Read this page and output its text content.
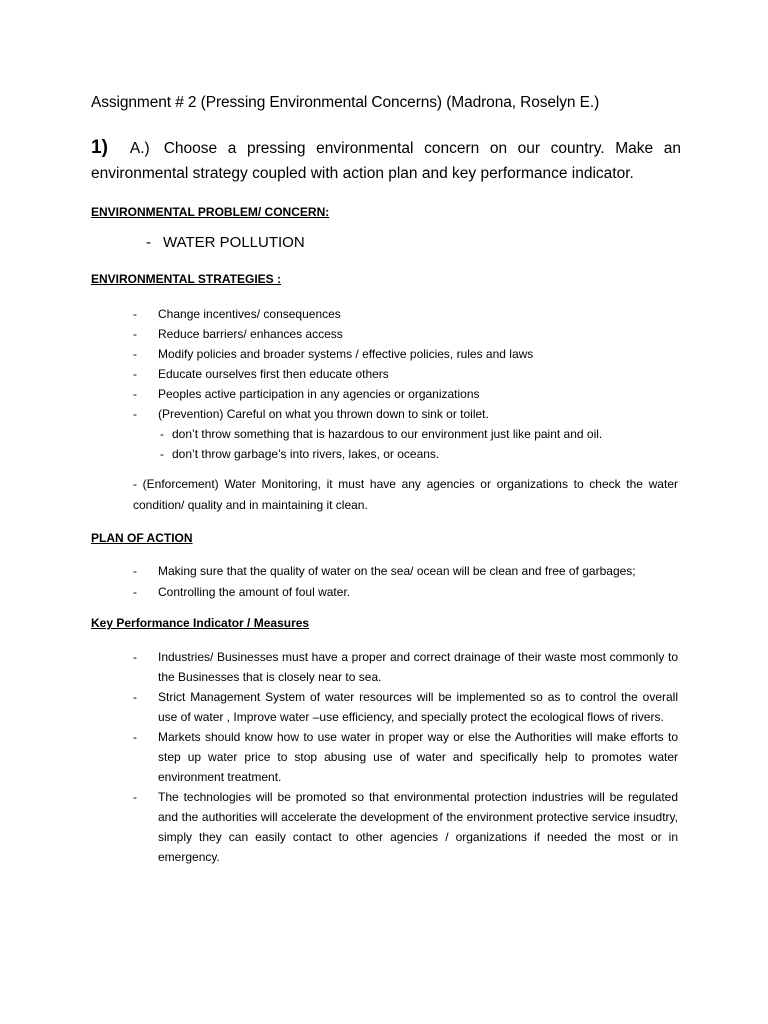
Assignment # 2 (Pressing Environmental Concerns) (Madrona, Roselyn E.)
1) A.) Choose a pressing environmental concern on our country. Make an environmental strategy coupled with action plan and key performance indicator.
ENVIRONMENTAL PROBLEM/ CONCERN:
- WATER POLLUTION
ENVIRONMENTAL STRATEGIES :
- Change incentives/ consequences
- Reduce barriers/ enhances access
- Modify policies and broader systems / effective policies, rules and laws
- Educate ourselves first then educate others
- Peoples active participation in any agencies or organizations
- (Prevention) Careful on what you thrown down to sink or toilet.
- don’t throw something that is hazardous to our environment just like paint and oil.
- don’t throw garbage’s into rivers, lakes, or oceans.
- (Enforcement) Water Monitoring, it must have any agencies or organizations to check the water condition/ quality and in maintaining it clean.
PLAN OF ACTION
- Making sure that the quality of water on the sea/ ocean will be clean and free of garbages;
- Controlling the amount of foul water.
Key Performance Indicator / Measures
- Industries/ Businesses must have a proper and correct drainage of their waste most commonly to the Businesses that is closely near to sea.
- Strict Management System of water resources will be implemented so as to control the overall use of water , Improve water –use efficiency, and specially protect the ecological flows of rivers.
- Markets should know how to use water in proper way or else the Authorities will make efforts to step up water price to stop abusing use of water and specifically help to promotes water environment treatment.
- The technologies will be promoted so that environmental protection industries will be regulated and the authorities will accelerate the development of the environment protective service insudtry, simply they can easily contact to other agencies / organizations if needed the most or in emergency.
